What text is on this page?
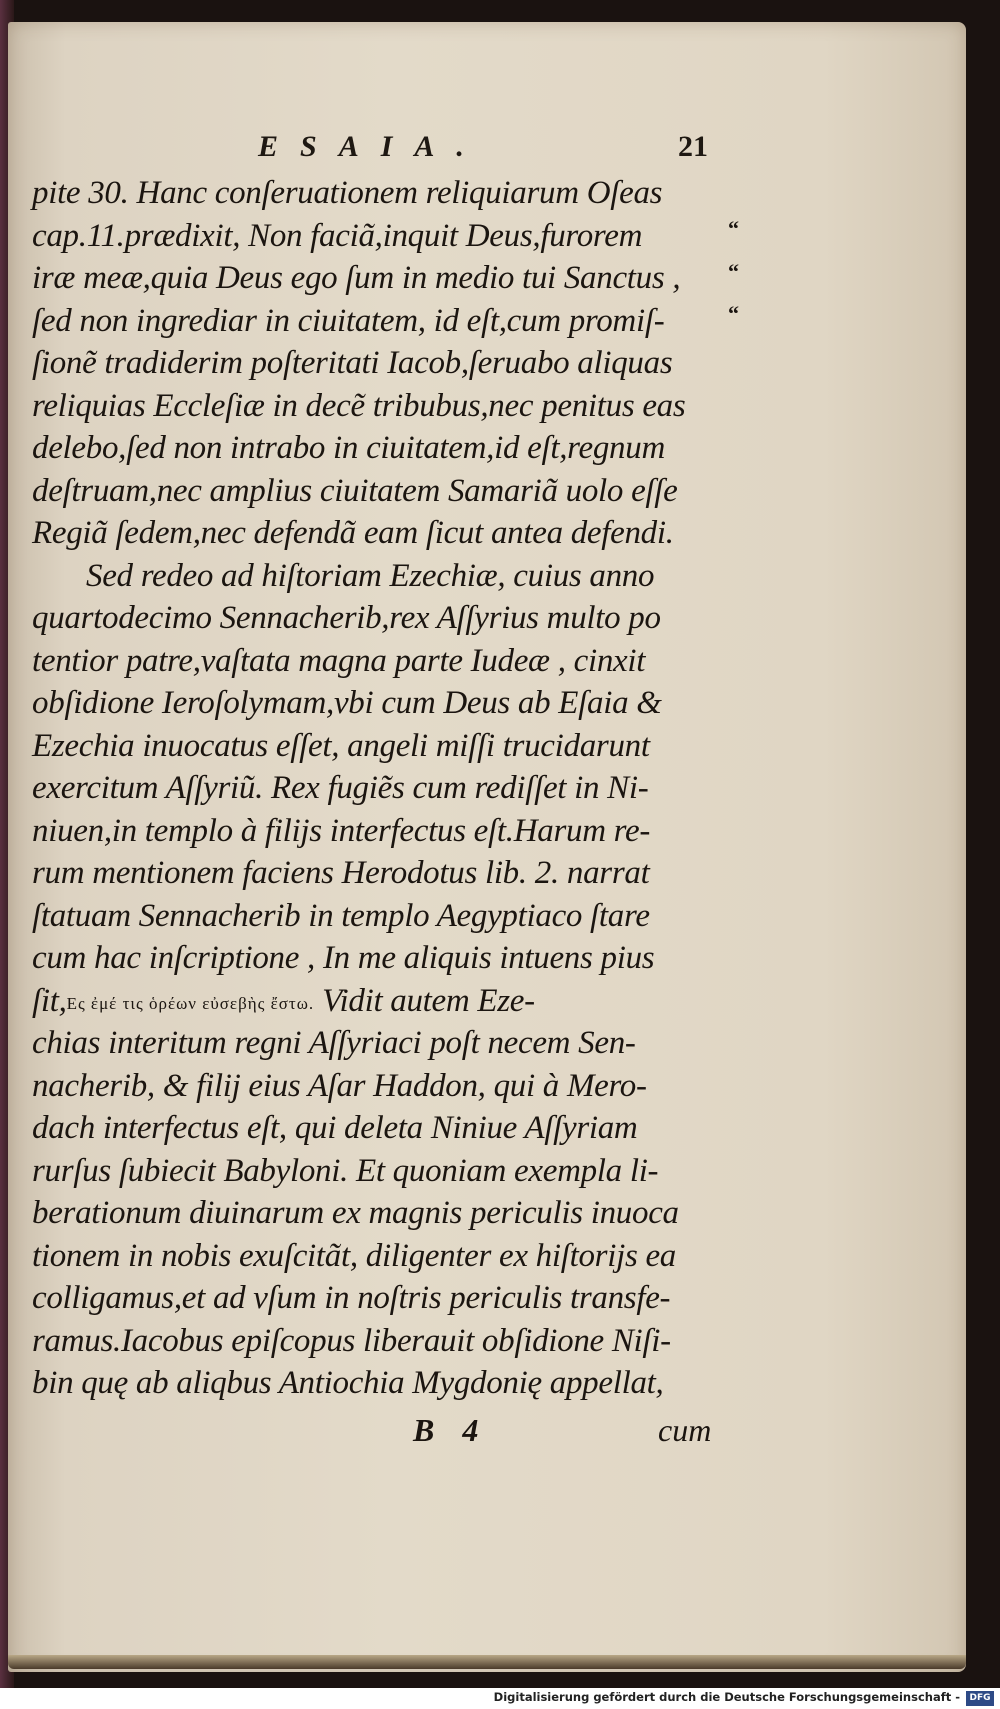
ESAIA.	21
pite 30. Hanc conſeruationem reliquiarum Oſeas
cap.11.prædixit, Non faciã,inquit Deus,furorem
iræ meæ,quia Deus ego ſum in medio tui Sanctus ,
ſed non ingrediar in ciuitatem, id eſt,cum promiſ-
ſionẽ tradiderim poſteritati Iacob,ſeruabo aliquas
reliquias Eccleſiæ in decẽ tribubus,nec penitus eas
delebo,ſed non intrabo in ciuitatem,id eſt,regnum
deſtruam,nec amplius ciuitatem Samariã uolo eſſe
Regiã ſedem,nec defendã eam ſicut antea defendi.
Sed redeo ad hiſtoriam Ezechiæ, cuius anno
quartodecimo Sennacherib,rex Aſſyrius multo po
tentior patre,vaſtata magna parte Iudeæ , cinxit
obſidione Ieroſolymam,vbi cum Deus ab Eſaia &
Ezechia inuocatus eſſet, angeli miſſi trucidarunt
exercitum Aſſyriũ. Rex fugiẽs cum rediſſet in Ni-
niuen,in templo à filijs interfectus eſt.Harum re-
rum mentionem faciens Herodotus lib. 2. narrat
ſtatuam Sennacherib in templo Aegyptiaco ſtare
cum hac inſcriptione , In me aliquis intuens pius
ſit,Eς ἐμέ τις ὁρέων εὐσεβὴς ἔστω. Vidit autem Eze-
chias interitum regni Aſſyriaci poſt necem Sen-
nacherib, & filij eius Aſar Haddon, qui à Mero-
dach interfectus eſt, qui deleta Niniue Aſſyriam
rurſus ſubiecit Babyloni. Et quoniam exempla li-
berationum diuinarum ex magnis periculis inuoca
tionem in nobis exuſcitãt, diligenter ex hiſtorijs ea
colligamus,et ad vſum in noſtris periculis transfe-
ramus.Iacobus epiſcopus liberauit obſidione Niſi-
bin quę ab aliqbus Antiochia Mygdonię appellat,
“
“
“
B 4	cum
Digitalisierung gefördert durch die Deutsche Forschungsgemeinschaft -	DFG
